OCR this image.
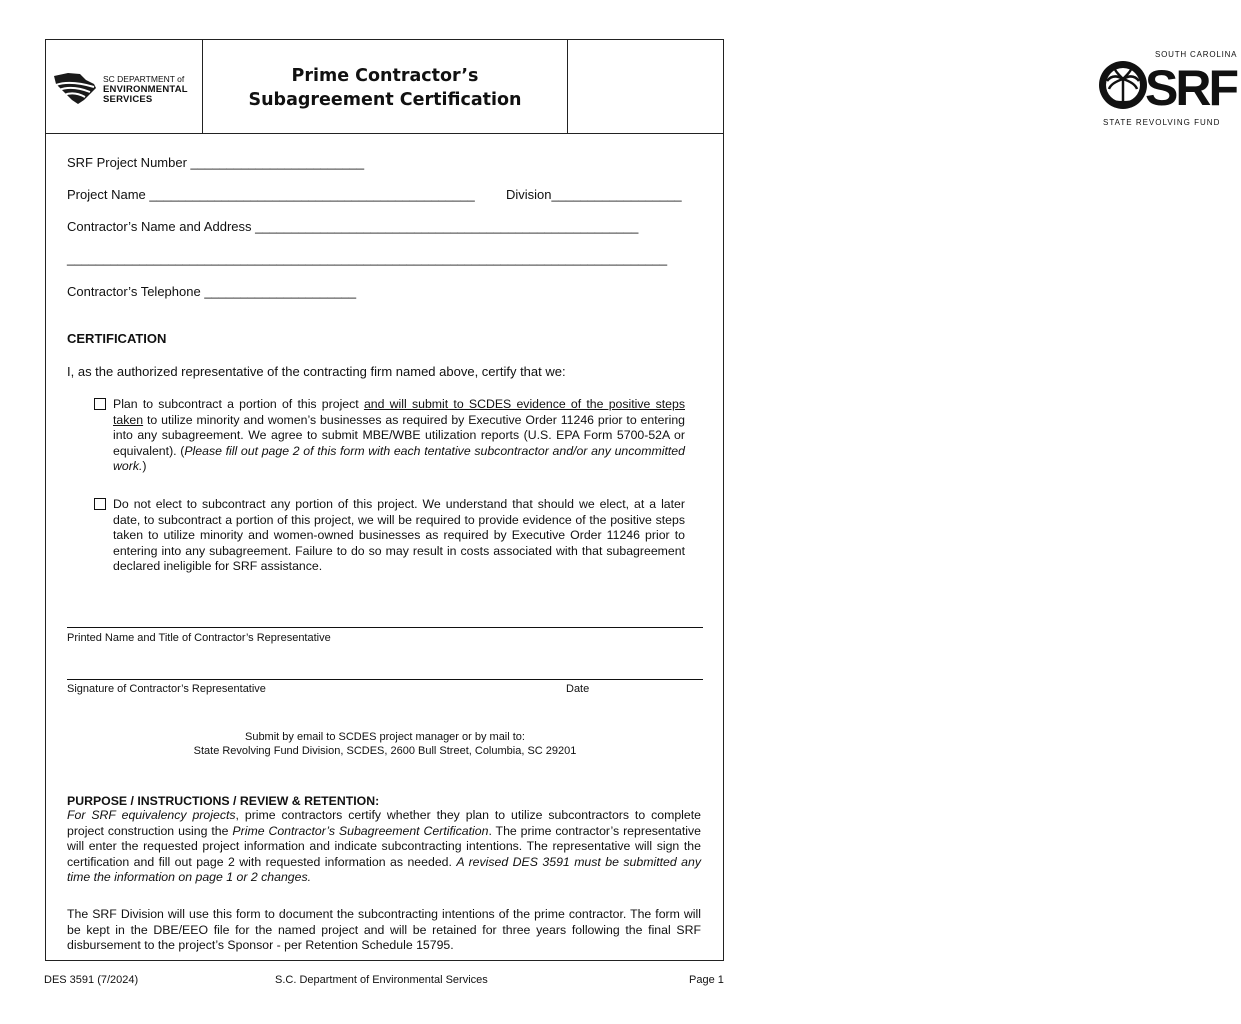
SC DEPARTMENT of
ENVIRONMENTAL
SERVICES
Prime Contractor’s
Subagreement Certification
SOUTH CAROLINA
SRF
STATE REVOLVING FUND
SRF Project Number ________________________
Project Name _____________________________________________ Division__________________
Contractor’s Name and Address _____________________________________________________
___________________________________________________________________________________
Contractor’s Telephone _____________________
CERTIFICATION
I, as the authorized representative of the contracting firm named above, certify that we:
Plan to subcontract a portion of this project and will submit to SCDES evidence of the positive steps taken to utilize minority and women’s businesses as required by Executive Order 11246 prior to entering into any subagreement. We agree to submit MBE/WBE utilization reports (U.S. EPA Form 5700-52A or equivalent). (Please fill out page 2 of this form with each tentative subcontractor and/or any uncommitted work.)
Do not elect to subcontract any portion of this project. We understand that should we elect, at a later date, to subcontract a portion of this project, we will be required to provide evidence of the positive steps taken to utilize minority and women-owned businesses as required by Executive Order 11246 prior to entering into any subagreement. Failure to do so may result in costs associated with that subagreement declared ineligible for SRF assistance.
Printed Name and Title of Contractor’s Representative
Signature of Contractor’s Representative	Date
Submit by email to SCDES project manager or by mail to:
State Revolving Fund Division, SCDES, 2600 Bull Street, Columbia, SC 29201
PURPOSE / INSTRUCTIONS / REVIEW & RETENTION:
For SRF equivalency projects, prime contractors certify whether they plan to utilize subcontractors to complete project construction using the Prime Contractor’s Subagreement Certification. The prime contractor’s representative will enter the requested project information and indicate subcontracting intentions. The representative will sign the certification and fill out page 2 with requested information as needed. A revised DES 3591 must be submitted any time the information on page 1 or 2 changes.
The SRF Division will use this form to document the subcontracting intentions of the prime contractor. The form will be kept in the DBE/EEO file for the named project and will be retained for three years following the final SRF disbursement to the project’s Sponsor - per Retention Schedule 15795.
DES 3591 (7/2024)	S.C. Department of Environmental Services	Page 1
